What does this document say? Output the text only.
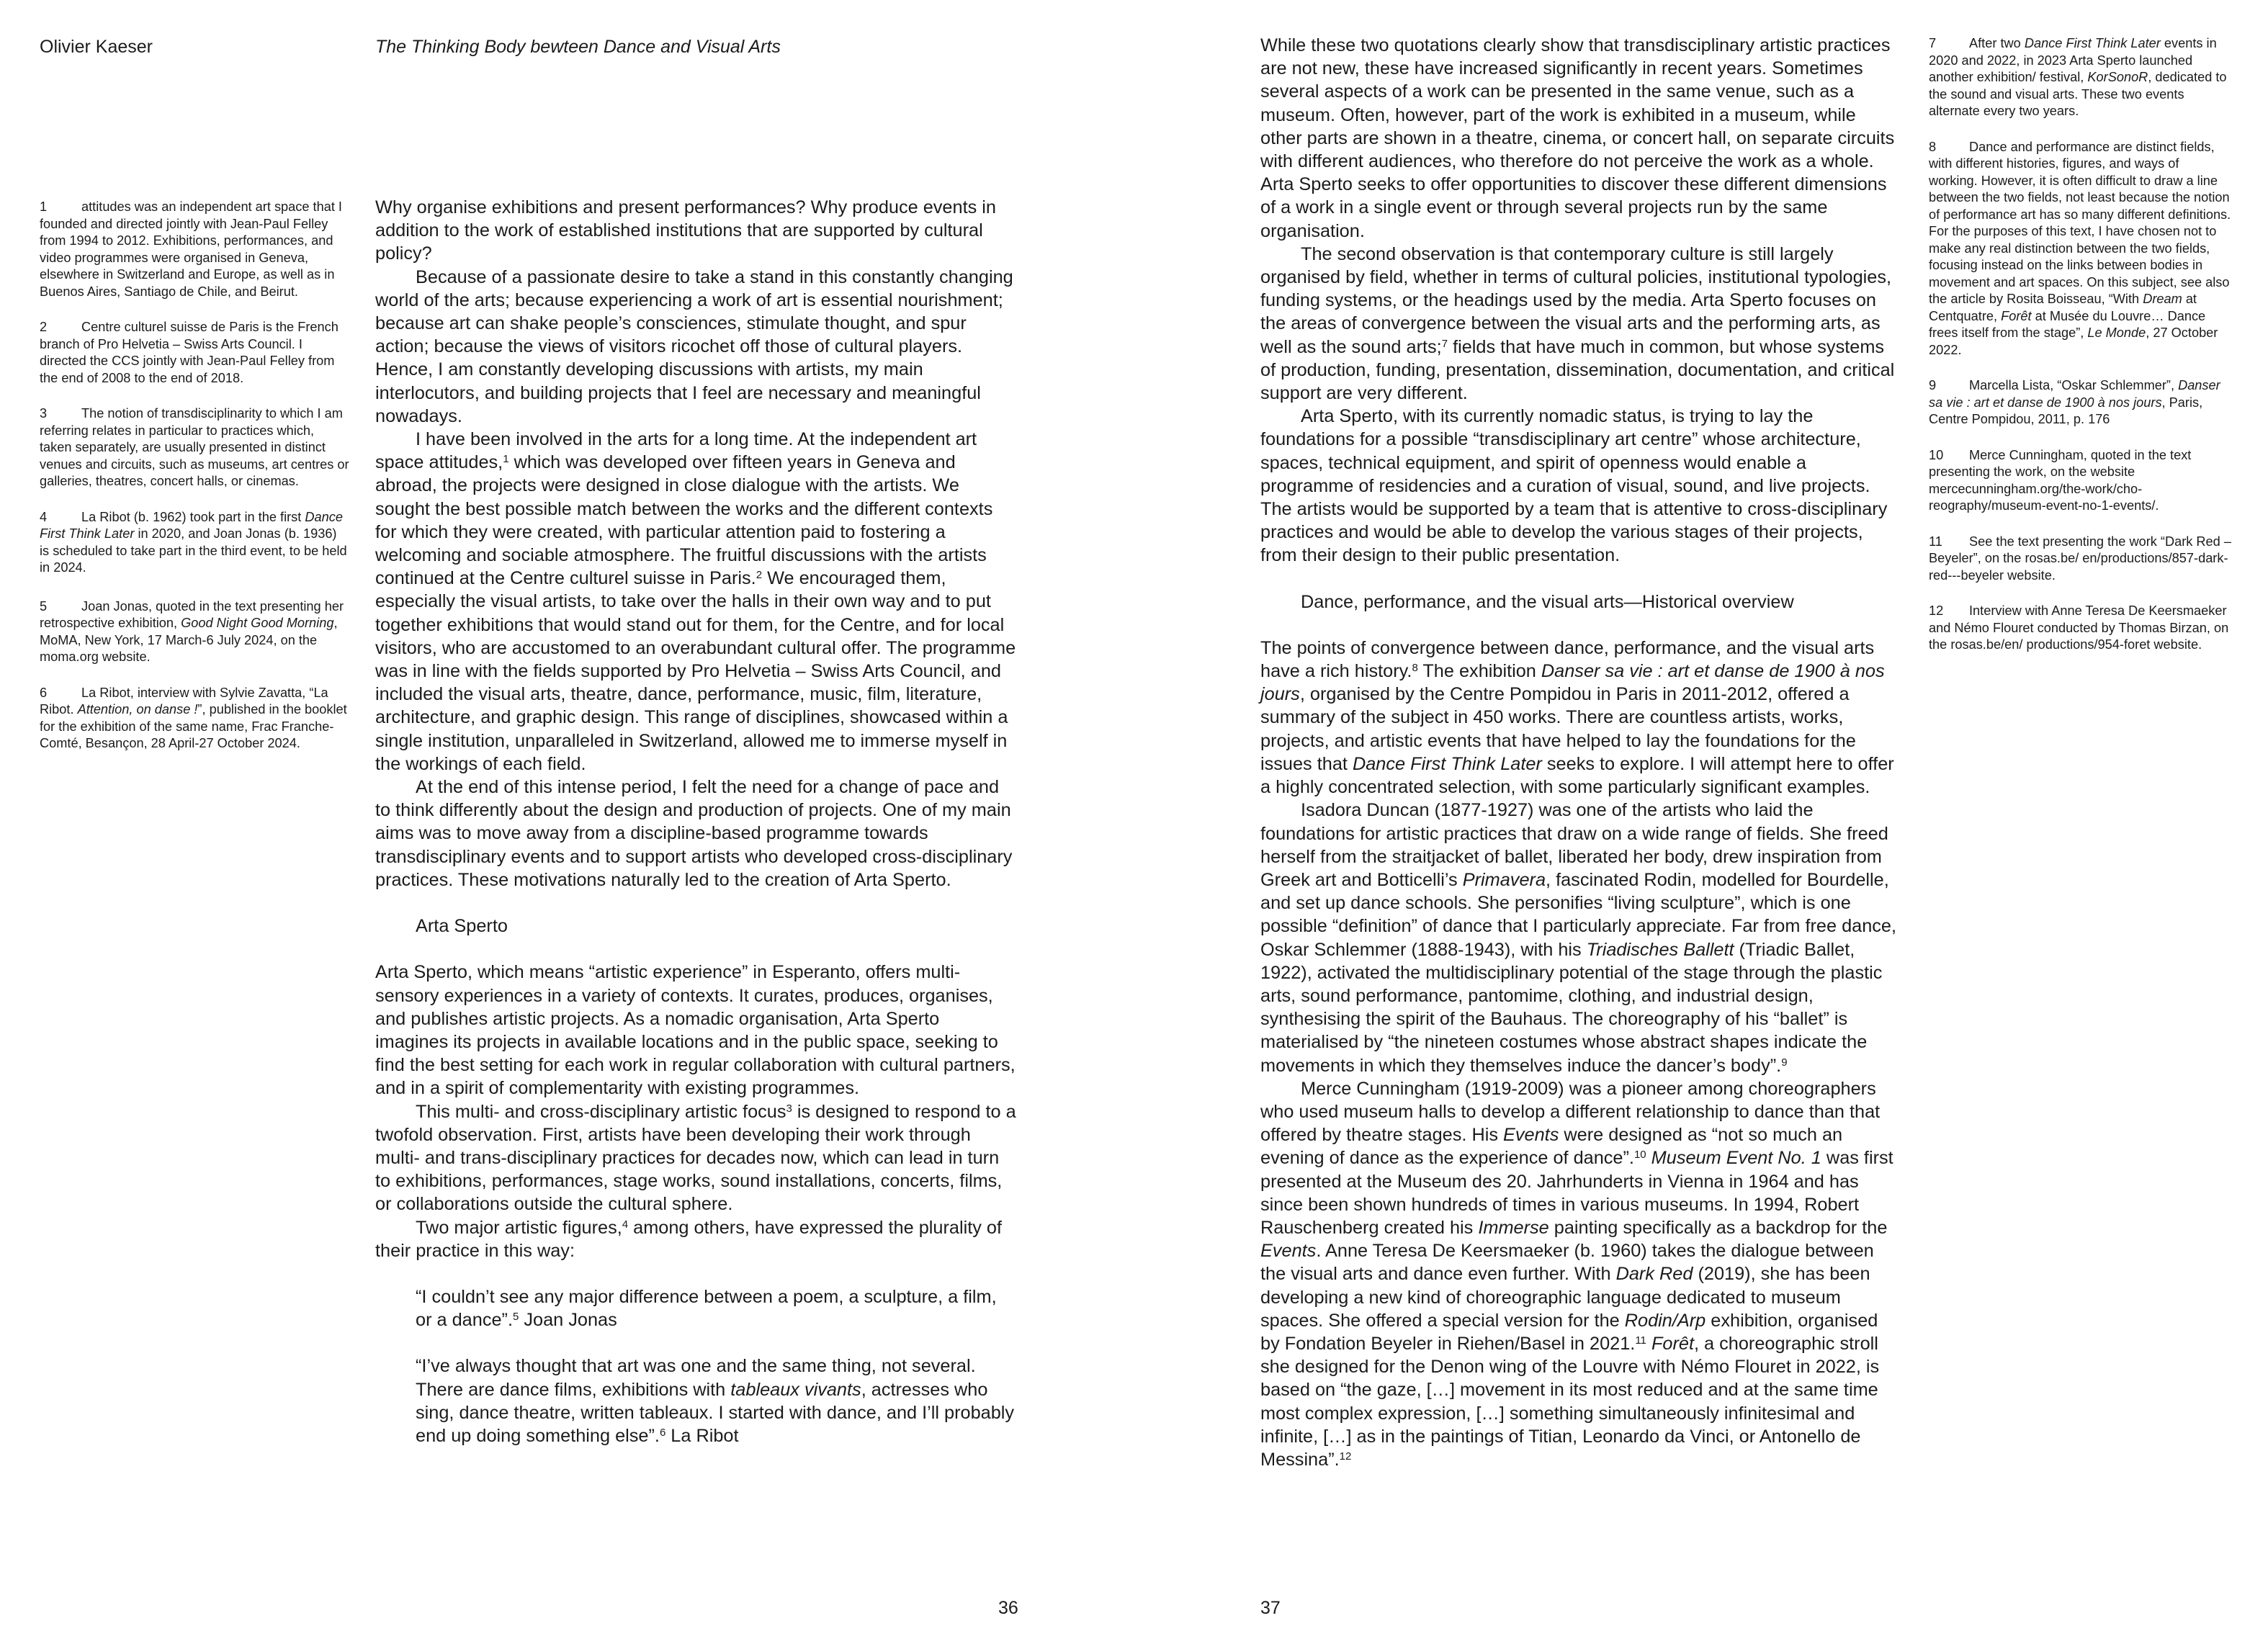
Olivier Kaeser	The Thinking Body bewteen Dance and Visual Arts

1	attitudes was an independent art space that I founded and directed jointly with Jean-Paul Felley from 1994 to 2012. Exhibitions, performances, and video programmes were organised in Geneva, elsewhere in Switzerland and Europe, as well as in Buenos Aires, Santiago de Chile, and Beirut.

2	Centre culturel suisse de Paris is the French branch of Pro Helvetia – Swiss Arts Council. I directed the CCS jointly with Jean-Paul Felley from the end of 2008 to the end of 2018.

3	The notion of transdisciplinarity to which I am referring relates in particular to practices which, taken separately, are usually presented in distinct venues and circuits, such as museums, art centres or galleries, theatres, concert halls, or cinemas.

4	La Ribot (b. 1962) took part in the first Dance First Think Later in 2020, and Joan Jonas (b. 1936) is scheduled to take part in the third event, to be held in 2024.

5	Joan Jonas, quoted in the text presenting her retrospective exhibition, Good Night Good Morning, MoMA, New York, 17 March-6 July 2024, on the moma.org website.

6	La Ribot, interview with Sylvie Zavatta, “La Ribot. Attention, on danse !”, published in the booklet for the exhibition of the same name, Frac Franche-Comté, Besançon, 28 April-27 October 2024.

Why organise exhibitions and present performances? Why produce events in addition to the work of established institutions that are supported by cultural policy?

Because of a passionate desire to take a stand in this constantly changing world of the arts; because experiencing a work of art is essential nourishment; because art can shake people’s consciences, stimulate thought, and spur action; because the views of visitors ricochet off those of cultural players. Hence, I am constantly developing discussions with artists, my main interlocutors, and building projects that I feel are necessary and meaningful nowadays.

I have been involved in the arts for a long time. At the independent art space attitudes,$^1$ which was developed over fifteen years in Geneva and abroad, the projects were designed in close dialogue with the artists. We sought the best possible match between the works and the different contexts for which they were created, with particular attention paid to fostering a welcoming and sociable atmosphere. The fruitful discussions with the artists continued at the Centre culturel suisse in Paris.$^2$ We encouraged them, especially the visual artists, to take over the halls in their own way and to put together exhibitions that would stand out for them, for the Centre, and for local visitors, who are accustomed to an overabundant cultural offer. The programme was in line with the fields supported by Pro Helvetia – Swiss Arts Council, and included the visual arts, theatre, dance, performance, music, film, literature, architecture, and graphic design. This range of disciplines, showcased within a single institution, unparalleled in Switzerland, allowed me to immerse myself in the workings of each field.

At the end of this intense period, I felt the need for a change of pace and to think differently about the design and production of projects. One of my main aims was to move away from a discipline-based programme towards transdisciplinary events and to support artists who developed cross-disciplinary practices. These motivations naturally led to the creation of Arta Sperto.

Arta Sperto

Arta Sperto, which means “artistic experience” in Esperanto, offers multi-sensory experiences in a variety of contexts. It curates, produces, organises, and publishes artistic projects. As a nomadic organisation, Arta Sperto imagines its projects in available locations and in the public space, seeking to find the best setting for each work in regular collaboration with cultural partners, and in a spirit of complementarity with existing programmes.

This multi- and cross-disciplinary artistic focus$^3$ is designed to respond to a twofold observation. First, artists have been developing their work through multi- and trans-disciplinary practices for decades now, which can lead in turn to exhibitions, performances, stage works, sound installations, concerts, films, or collaborations outside the cultural sphere.

Two major artistic figures,$^4$ among others, have expressed the plurality of their practice in this way:

“I couldn’t see any major difference between a poem, a sculpture, a film, or a dance”.$^5$ Joan Jonas

“I’ve always thought that art was one and the same thing, not several. There are dance films, exhibitions with tableaux vivants, actresses who sing, dance theatre, written tableaux. I started with dance, and I’ll probably end up doing something else”.$^6$ La Ribot

36

While these two quotations clearly show that transdisciplinary artistic practices are not new, these have increased significantly in recent years. Sometimes several aspects of a work can be presented in the same venue, such as a museum. Often, however, part of the work is exhibited in a museum, while other parts are shown in a theatre, cinema, or concert hall, on separate circuits with different audiences, who therefore do not perceive the work as a whole. Arta Sperto seeks to offer opportunities to discover these different dimensions of a work in a single event or through several projects run by the same organisation.

The second observation is that contemporary culture is still largely organised by field, whether in terms of cultural policies, institutional typologies, funding systems, or the headings used by the media. Arta Sperto focuses on the areas of convergence between the visual arts and the performing arts, as well as the sound arts;$^7$ fields that have much in common, but whose systems of production, funding, presentation, dissemination, documentation, and critical support are very different.

Arta Sperto, with its currently nomadic status, is trying to lay the foundations for a possible “transdisciplinary art centre” whose architecture, spaces, technical equipment, and spirit of openness would enable a programme of residencies and a curation of visual, sound, and live projects. The artists would be supported by a team that is attentive to cross-disciplinary practices and would be able to develop the various stages of their projects, from their design to their public presentation.

Dance, performance, and the visual arts—Historical overview

The points of convergence between dance, performance, and the visual arts have a rich history.$^8$ The exhibition Danser sa vie : art et danse de 1900 à nos jours, organised by the Centre Pompidou in Paris in 2011-2012, offered a summary of the subject in 450 works. There are countless artists, works, projects, and artistic events that have helped to lay the foundations for the issues that Dance First Think Later seeks to explore. I will attempt here to offer a highly concentrated selection, with some particularly significant examples.

Isadora Duncan (1877-1927) was one of the artists who laid the foundations for artistic practices that draw on a wide range of fields. She freed herself from the straitjacket of ballet, liberated her body, drew inspiration from Greek art and Botticelli’s Primavera, fascinated Rodin, modelled for Bourdelle, and set up dance schools. She personifies “living sculpture”, which is one possible “definition” of dance that I particularly appreciate. Far from free dance, Oskar Schlemmer (1888-1943), with his Triadisches Ballett (Triadic Ballet, 1922), activated the multidisciplinary potential of the stage through the plastic arts, sound performance, pantomime, clothing, and industrial design, synthesising the spirit of the Bauhaus. The choreography of his “ballet” is materialised by “the nineteen costumes whose abstract shapes indicate the movements in which they themselves induce the dancer’s body”.$^9$

Merce Cunningham (1919-2009) was a pioneer among choreographers who used museum halls to develop a different relationship to dance than that offered by theatre stages. His Events were designed as “not so much an evening of dance as the experience of dance”.$^{10}$ Museum Event No. 1 was first presented at the Museum des 20. Jahrhunderts in Vienna in 1964 and has since been shown hundreds of times in various museums. In 1994, Robert Rauschenberg created his Immerse painting specifically as a backdrop for the Events. Anne Teresa De Keersmaeker (b. 1960) takes the dialogue between the visual arts and dance even further. With Dark Red (2019), she has been developing a new kind of choreographic language dedicated to museum spaces. She offered a special version for the Rodin/Arp exhibition, organised by Fondation Beyeler in Riehen/Basel in 2021.11 Forêt, a choreographic stroll she designed for the Denon wing of the Louvre with Némo Flouret in 2022, is based on “the gaze, […] movement in its most reduced and at the same time most complex expression, […] something simultaneously infinitesimal and infinite, […] as in the paintings of Titian, Leonardo da Vinci, or Antonello de Messina”.$^{12}$

7	After two Dance First Think Later events in 2020 and 2022, in 2023 Arta Sperto launched another exhibition/ festival, KorSonoR, dedicated to the sound and visual arts. These two events alternate every two years.

8	Dance and performance are distinct fields, with different histories, figures, and ways of working. However, it is often difficult to draw a line between the two fields, not least because the notion of performance art has so many different definitions. For the purposes of this text, I have chosen not to make any real distinction between the two fields, focusing instead on the links between bodies in movement and art spaces. On this subject, see also the article by Rosita Boisseau, “With Dream at Centquatre, Forêt at Musée du Louvre… Dance frees itself from the stage”, Le Monde, 27 October 2022.

9	Marcella Lista, “Oskar Schlemmer”, Danser sa vie : art et danse de 1900 à nos jours, Paris, Centre Pompidou, 2011, p. 176

10 Merce Cunningham, quoted in the text presenting the work, on the website mercecunningham.org/the-work/choreography/museum-event-no-1-events/.

11 See the text presenting the work “Dark Red – Beyeler”, on the rosas.be/ en/productions/857-dark-red---beyeler website.

12 Interview with Anne Teresa De Keersmaeker and Némo Flouret conducted by Thomas Birzan, on the rosas.be/en/ productions/954-foret website.

37
